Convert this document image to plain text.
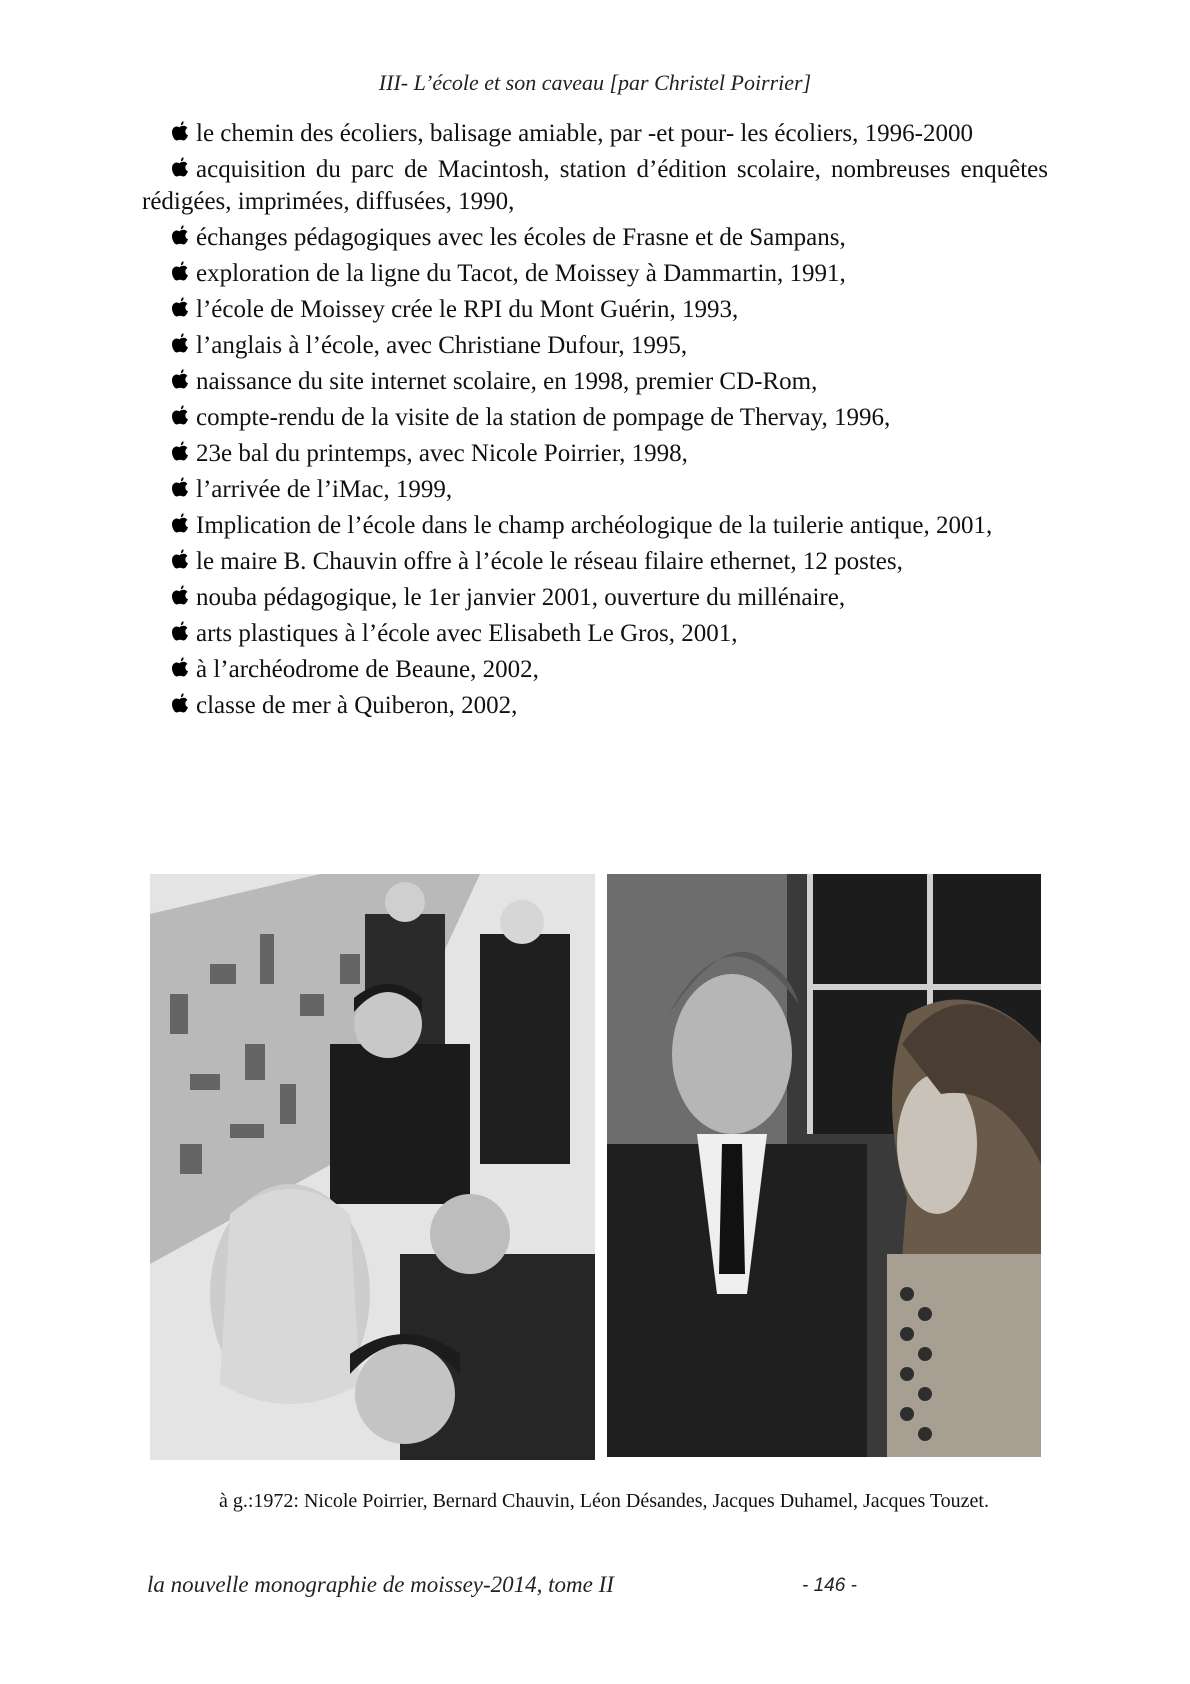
III- L’école et son caveau [par Christel Poirrier]
le chemin des écoliers, balisage amiable, par -et pour- les écoliers, 1996-2000
acquisition du parc de Macintosh, station d’édition scolaire, nombreuses enquêtes rédigées, imprimées, diffusées, 1990,
échanges pédagogiques avec les écoles de Frasne et de Sampans,
exploration de la ligne du Tacot, de Moissey à Dammartin, 1991,
l’école de Moissey crée le RPI du Mont Guérin, 1993,
l’anglais à l’école, avec Christiane Dufour, 1995,
naissance du site internet scolaire, en 1998, premier CD-Rom,
compte-rendu de la visite de la station de pompage de Thervay, 1996,
23e bal du printemps, avec Nicole Poirrier, 1998,
l’arrivée de l’iMac, 1999,
Implication de l’école dans le champ archéologique de la tuilerie antique, 2001,
le maire B. Chauvin offre à l’école le réseau filaire ethernet, 12 postes,
nouba pédagogique, le 1er janvier 2001, ouverture du millénaire,
arts plastiques à l’école avec Elisabeth Le Gros, 2001,
à l’archéodrome de Beaune, 2002,
classe de mer à Quiberon, 2002,
à g.:1972: Nicole Poirrier, Bernard Chauvin, Léon Désandes, Jacques Duhamel, Jacques Touzet.
la nouvelle monographie de moissey-2014, tome II	- 146 -
